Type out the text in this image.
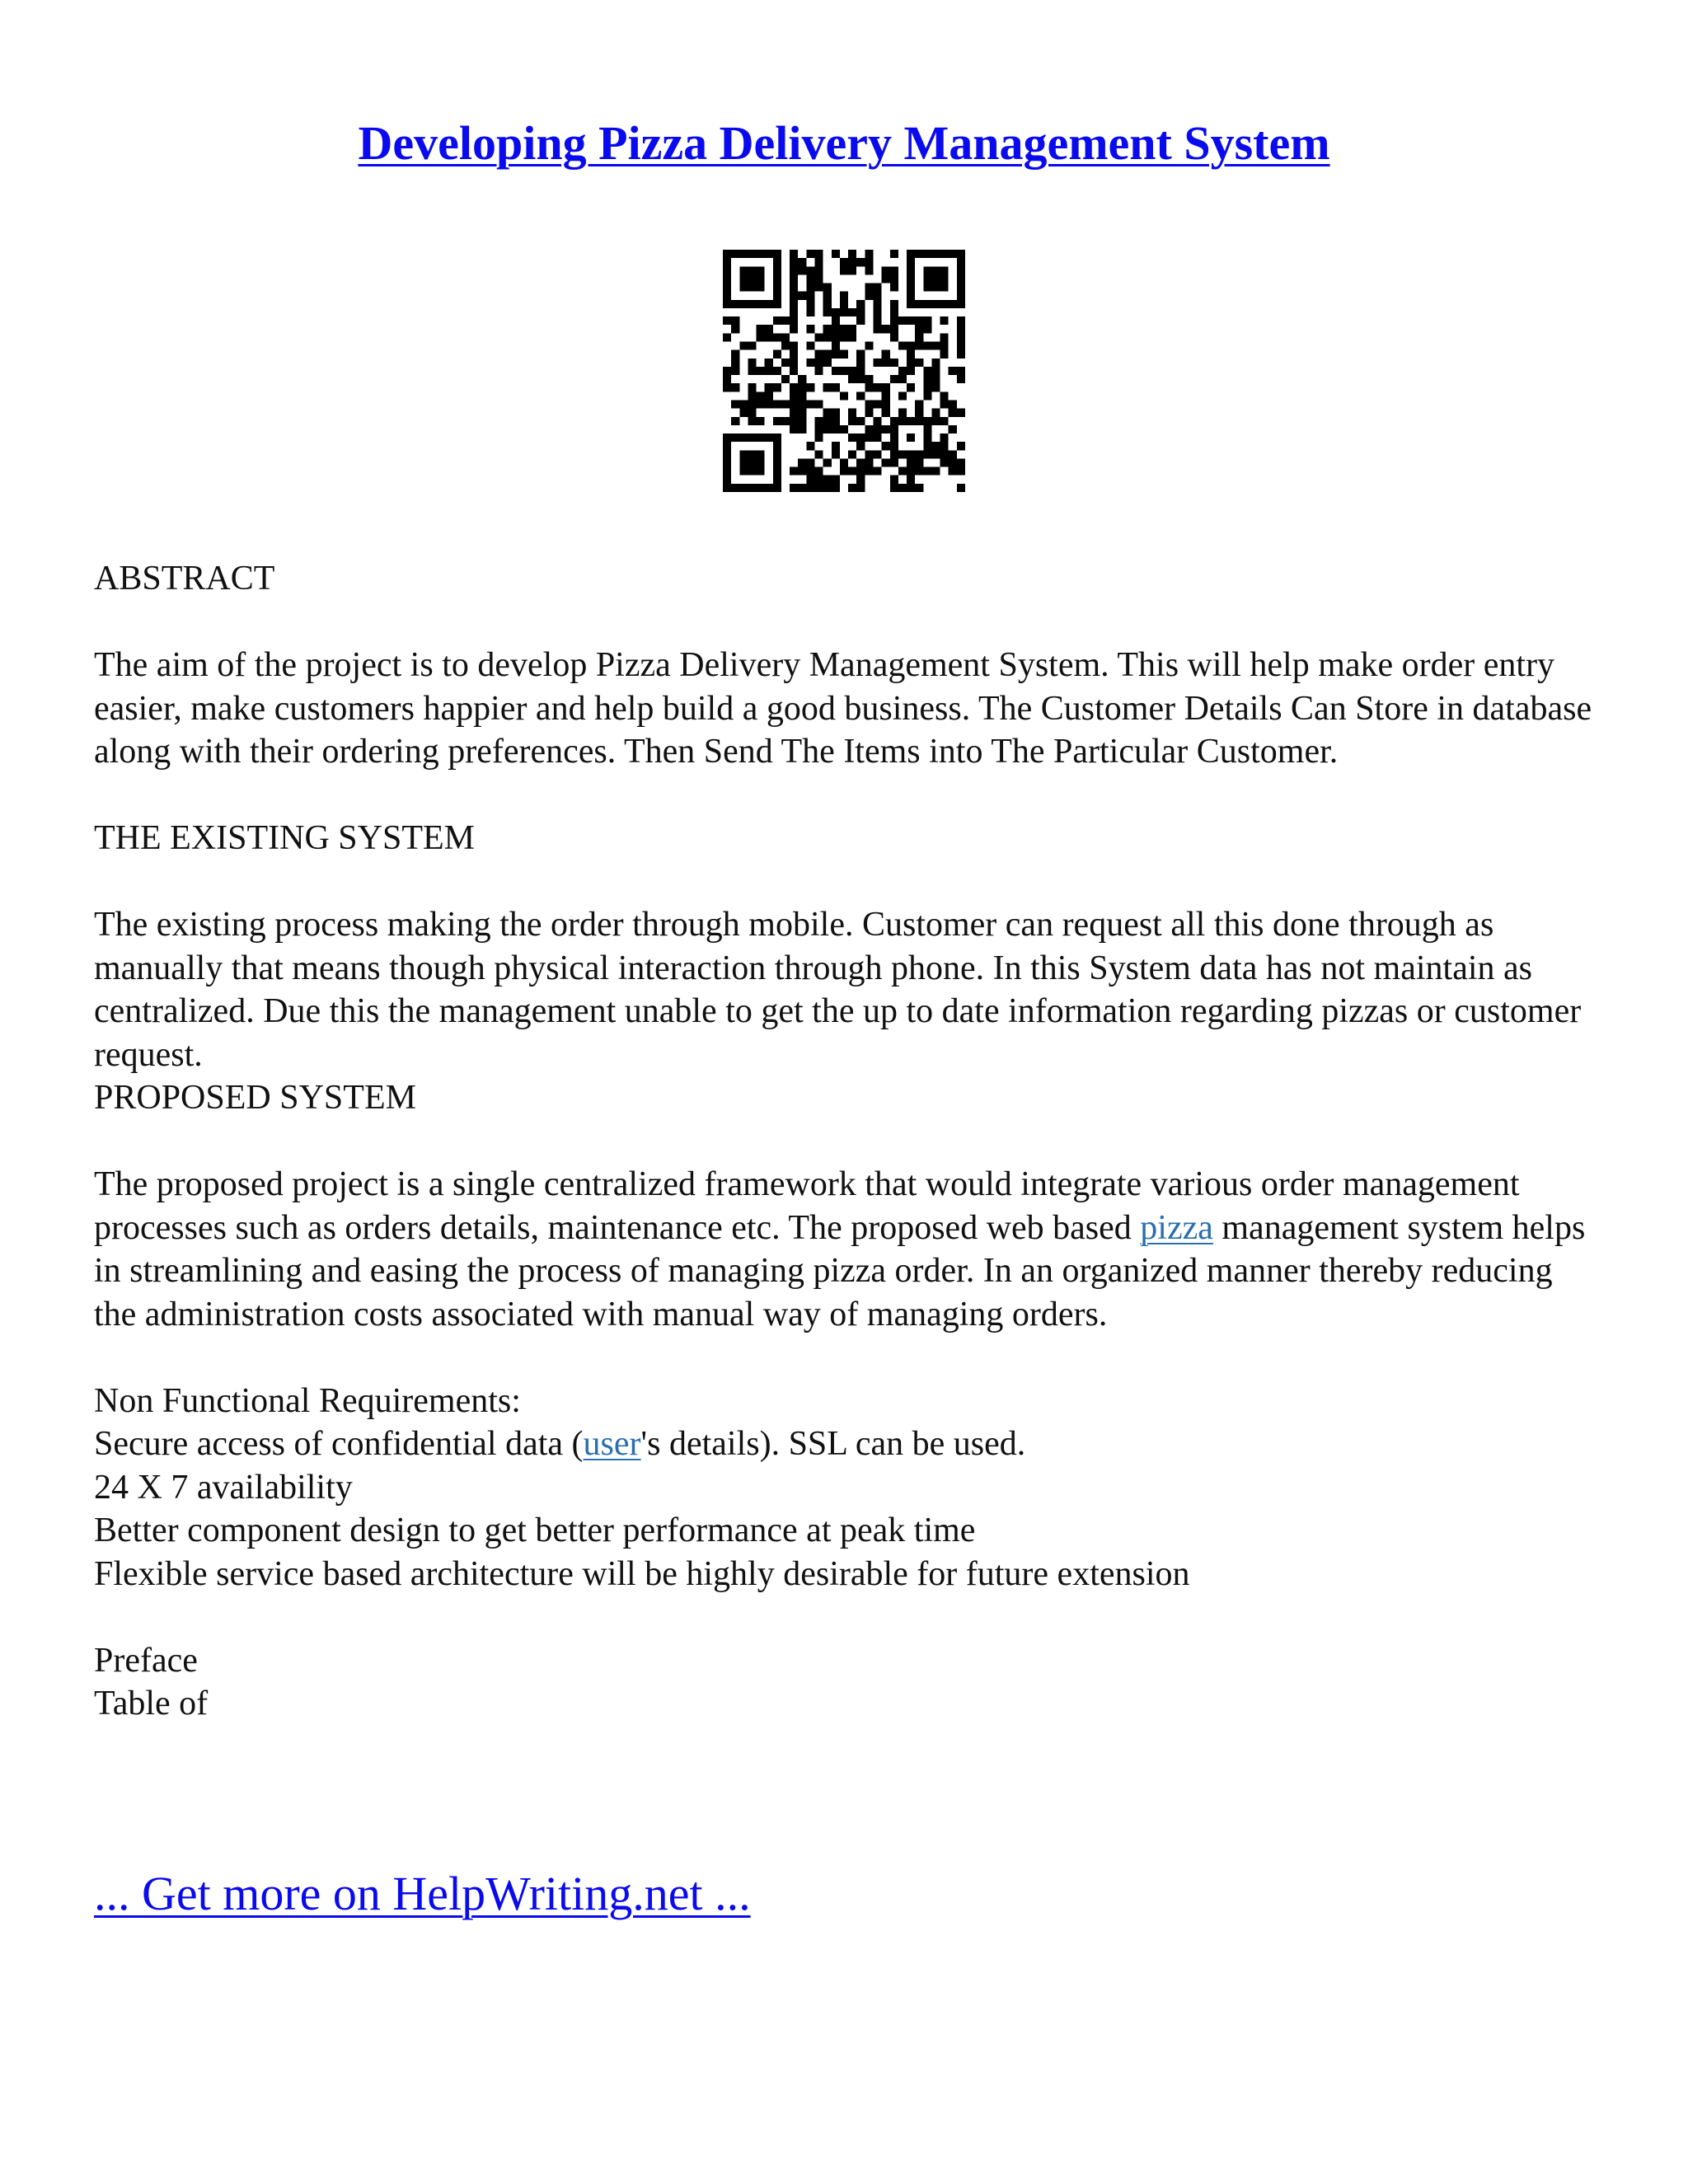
Developing Pizza Delivery Management System

ABSTRACT

The aim of the project is to develop Pizza Delivery Management System. This will help make order entry easier, make customers happier and help build a good business. The Customer Details Can Store in database along with their ordering preferences. Then Send The Items into The Particular Customer.

THE EXISTING SYSTEM

The existing process making the order through mobile. Customer can request all this done through as manually that means though physical interaction through phone. In this System data has not maintain as centralized. Due this the management unable to get the up to date information regarding pizzas or customer request.

PROPOSED SYSTEM

The proposed project is a single centralized framework that would integrate various order management processes such as orders details, maintenance etc. The proposed web based pizza management system helps in streamlining and easing the process of managing pizza order. In an organized manner thereby reducing the administration costs associated with manual way of managing orders.

Non Functional Requirements:

Secure access of confidential data (user's details). SSL can be used.

24 X 7 availability

Better component design to get better performance at peak time

Flexible service based architecture will be highly desirable for future extension

Preface

Table of

... Get more on HelpWriting.net ...
